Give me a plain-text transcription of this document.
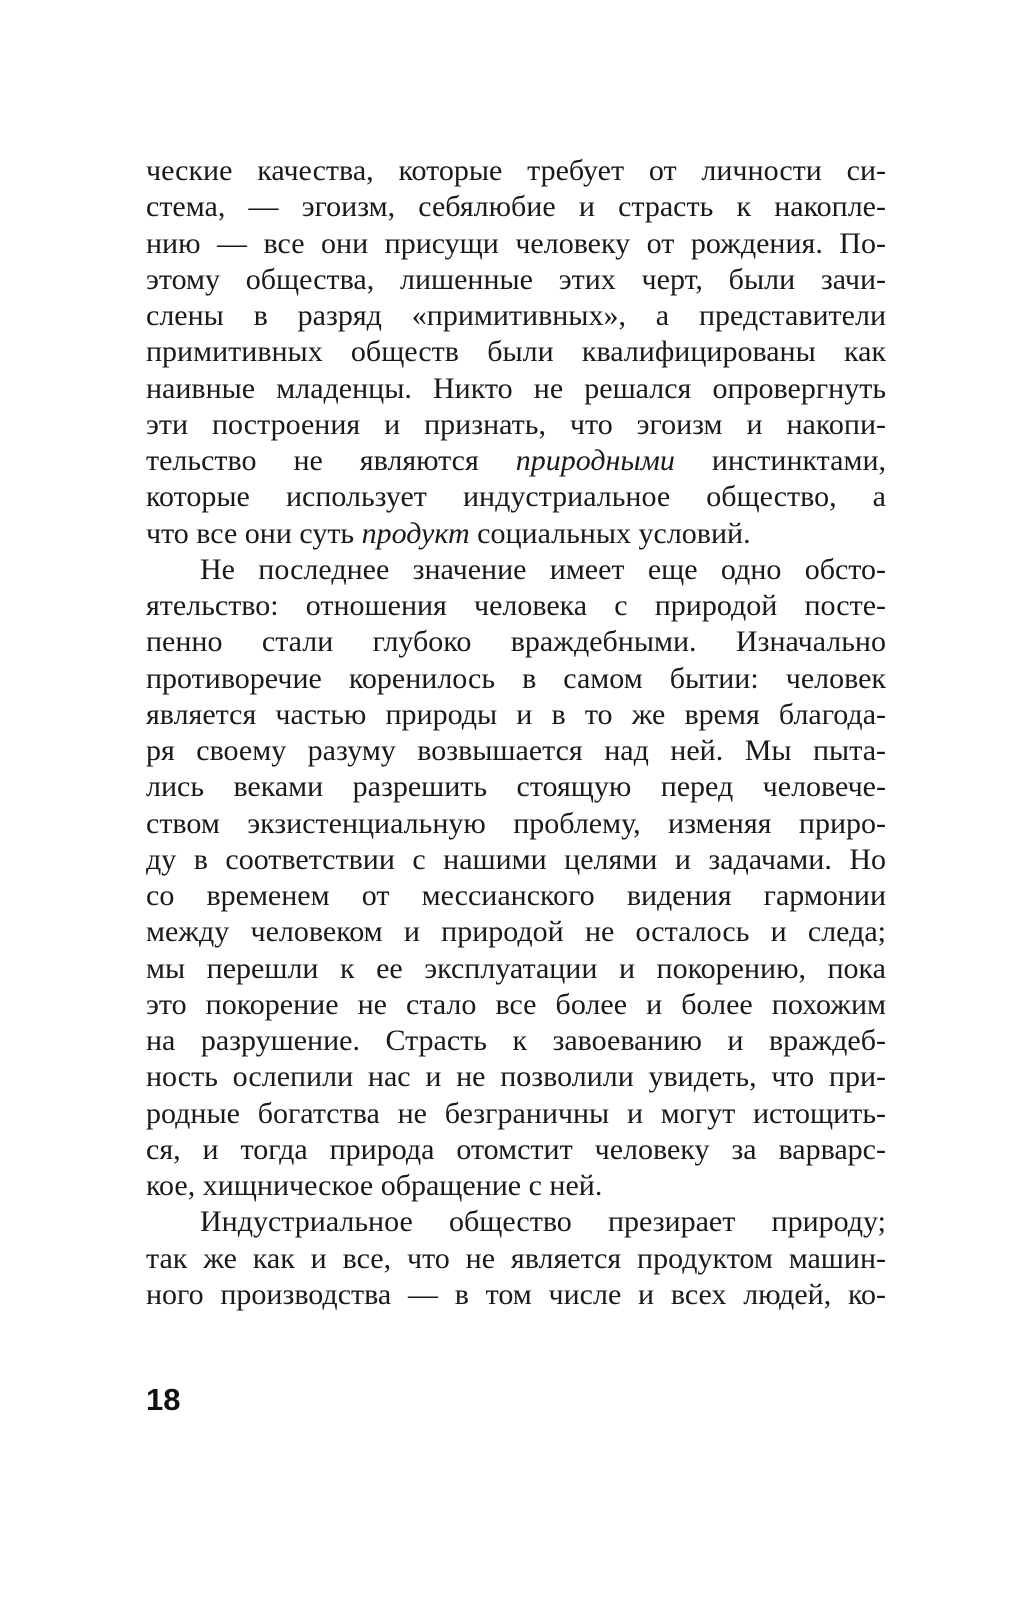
ческие качества, которые требует от личности си-
стема, — эгоизм, себялюбие и страсть к накопле-
нию — все они присущи человеку от рождения. По-
этому общества, лишенные этих черт, были зачи-
слены в разряд «примитивных», а представители
примитивных обществ были квалифицированы как
наивные младенцы. Никто не решался опровергнуть
эти построения и признать, что эгоизм и накопи-
тельство не являются природными инстинктами,
которые использует индустриальное общество, а
что все они суть продукт социальных условий.
Не последнее значение имеет еще одно обсто-
ятельство: отношения человека с природой посте-
пенно стали глубоко враждебными. Изначально
противоречие коренилось в самом бытии: человек
является частью природы и в то же время благода-
ря своему разуму возвышается над ней. Мы пыта-
лись веками разрешить стоящую перед человече-
ством экзистенциальную проблему, изменяя приро-
ду в соответствии с нашими целями и задачами. Но
со временем от мессианского видения гармонии
между человеком и природой не осталось и следа;
мы перешли к ее эксплуатации и покорению, пока
это покорение не стало все более и более похожим
на разрушение. Страсть к завоеванию и враждеб-
ность ослепили нас и не позволили увидеть, что при-
родные богатства не безграничны и могут истощить-
ся, и тогда природа отомстит человеку за варварс-
кое, хищническое обращение с ней.
Индустриальное общество презирает природу;
так же как и все, что не является продуктом машин-
ного производства — в том числе и всех людей, ко-
18
